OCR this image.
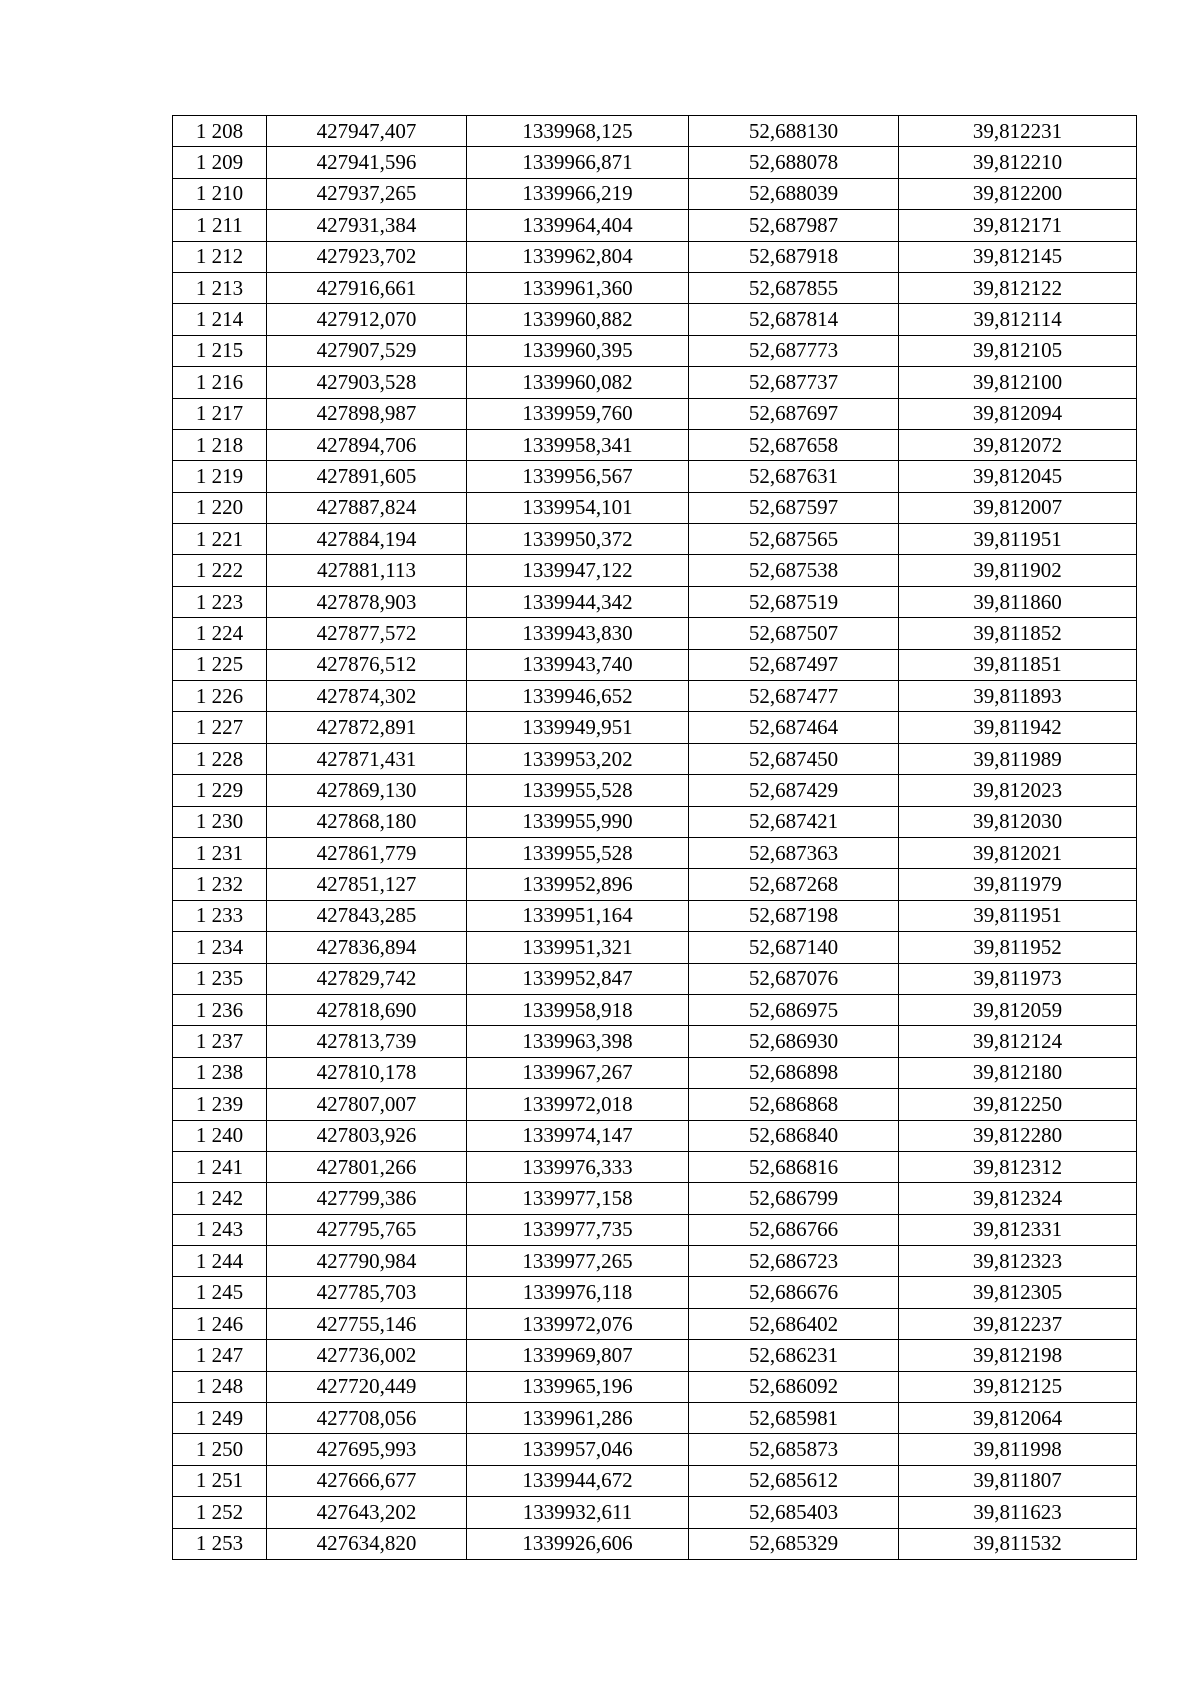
1 208	427947,407	1339968,125	52,688130	39,812231
1 209	427941,596	1339966,871	52,688078	39,812210
1 210	427937,265	1339966,219	52,688039	39,812200
1 211	427931,384	1339964,404	52,687987	39,812171
1 212	427923,702	1339962,804	52,687918	39,812145
1 213	427916,661	1339961,360	52,687855	39,812122
1 214	427912,070	1339960,882	52,687814	39,812114
1 215	427907,529	1339960,395	52,687773	39,812105
1 216	427903,528	1339960,082	52,687737	39,812100
1 217	427898,987	1339959,760	52,687697	39,812094
1 218	427894,706	1339958,341	52,687658	39,812072
1 219	427891,605	1339956,567	52,687631	39,812045
1 220	427887,824	1339954,101	52,687597	39,812007
1 221	427884,194	1339950,372	52,687565	39,811951
1 222	427881,113	1339947,122	52,687538	39,811902
1 223	427878,903	1339944,342	52,687519	39,811860
1 224	427877,572	1339943,830	52,687507	39,811852
1 225	427876,512	1339943,740	52,687497	39,811851
1 226	427874,302	1339946,652	52,687477	39,811893
1 227	427872,891	1339949,951	52,687464	39,811942
1 228	427871,431	1339953,202	52,687450	39,811989
1 229	427869,130	1339955,528	52,687429	39,812023
1 230	427868,180	1339955,990	52,687421	39,812030
1 231	427861,779	1339955,528	52,687363	39,812021
1 232	427851,127	1339952,896	52,687268	39,811979
1 233	427843,285	1339951,164	52,687198	39,811951
1 234	427836,894	1339951,321	52,687140	39,811952
1 235	427829,742	1339952,847	52,687076	39,811973
1 236	427818,690	1339958,918	52,686975	39,812059
1 237	427813,739	1339963,398	52,686930	39,812124
1 238	427810,178	1339967,267	52,686898	39,812180
1 239	427807,007	1339972,018	52,686868	39,812250
1 240	427803,926	1339974,147	52,686840	39,812280
1 241	427801,266	1339976,333	52,686816	39,812312
1 242	427799,386	1339977,158	52,686799	39,812324
1 243	427795,765	1339977,735	52,686766	39,812331
1 244	427790,984	1339977,265	52,686723	39,812323
1 245	427785,703	1339976,118	52,686676	39,812305
1 246	427755,146	1339972,076	52,686402	39,812237
1 247	427736,002	1339969,807	52,686231	39,812198
1 248	427720,449	1339965,196	52,686092	39,812125
1 249	427708,056	1339961,286	52,685981	39,812064
1 250	427695,993	1339957,046	52,685873	39,811998
1 251	427666,677	1339944,672	52,685612	39,811807
1 252	427643,202	1339932,611	52,685403	39,811623
1 253	427634,820	1339926,606	52,685329	39,811532
